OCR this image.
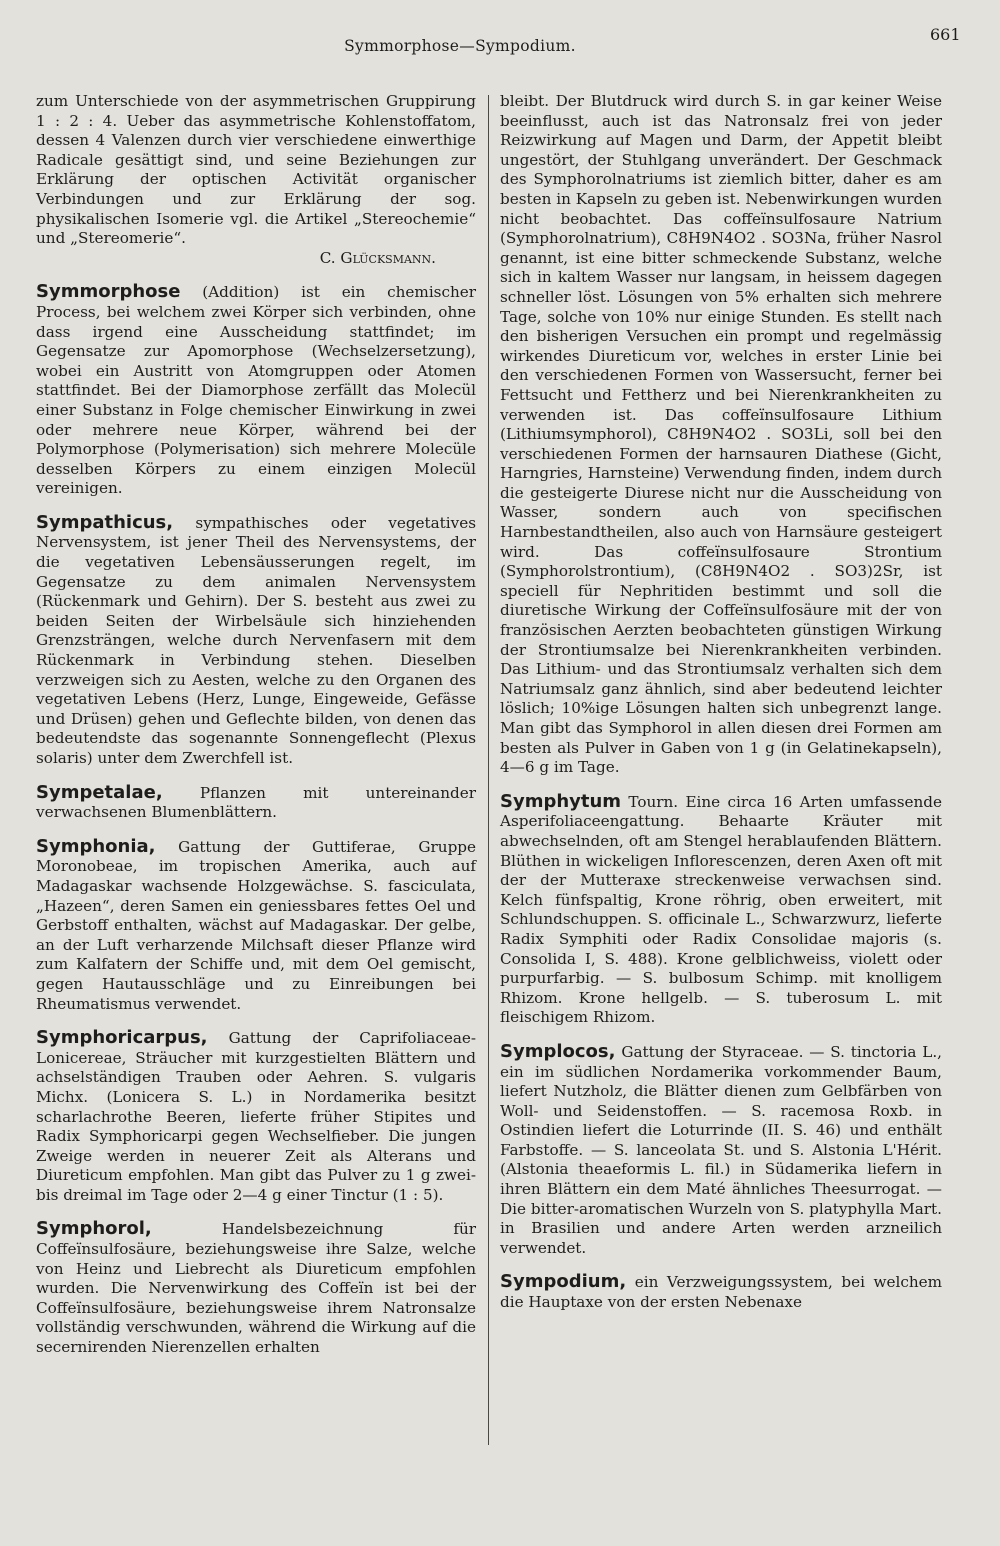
Symmorphose—Sympodium.
661

zum Unterschiede von der asymmetrischen Gruppirung 1 : 2 : 4. Ueber das asymmetrische Kohlenstoffatom, dessen 4 Valenzen durch vier verschiedene einwerthige Radicale gesättigt sind, und seine Beziehungen zur Erklärung der optischen Activität organischer Verbindungen und zur Erklärung der sog. physikalischen Isomerie vgl. die Artikel „Stereochemie“ und „Stereomerie“.

C. Glücksmann.

Symmorphose (Addition) ist ein chemischer Process, bei welchem zwei Körper sich verbinden, ohne dass irgend eine Ausscheidung stattfindet; im Gegensatze zur Apomorphose (Wechselzersetzung), wobei ein Austritt von Atomgruppen oder Atomen stattfindet. Bei der Diamorphose zerfällt das Molecül einer Substanz in Folge chemischer Einwirkung in zwei oder mehrere neue Körper, während bei der Polymorphose (Polymerisation) sich mehrere Molecüle desselben Körpers zu einem einzigen Molecül vereinigen.

Sympathicus, sympathisches oder vegetatives Nervensystem, ist jener Theil des Nervensystems, der die vegetativen Lebensäusserungen regelt, im Gegensatze zu dem animalen Nervensystem (Rückenmark und Gehirn). Der S. besteht aus zwei zu beiden Seiten der Wirbelsäule sich hinziehenden Grenzsträngen, welche durch Nervenfasern mit dem Rückenmark in Verbindung stehen. Dieselben verzweigen sich zu Aesten, welche zu den Organen des vegetativen Lebens (Herz, Lunge, Eingeweide, Gefässe und Drüsen) gehen und Geflechte bilden, von denen das bedeutendste das sogenannte Sonnengeflecht (Plexus solaris) unter dem Zwerchfell ist.

Sympetalae, Pflanzen mit untereinander verwachsenen Blumenblättern.

Symphonia, Gattung der Guttiferae, Gruppe Moronobeae, im tropischen Amerika, auch auf Madagaskar wachsende Holzgewächse. S. fasciculata, „Hazeen“, deren Samen ein geniessbares fettes Oel und Gerbstoff enthalten, wächst auf Madagaskar. Der gelbe, an der Luft verharzende Milchsaft dieser Pflanze wird zum Kalfatern der Schiffe und, mit dem Oel gemischt, gegen Hautausschläge und zu Einreibungen bei Rheumatismus verwendet.

Symphoricarpus, Gattung der Caprifoliaceae-Lonicereae, Sträucher mit kurzgestielten Blättern und achselständigen Trauben oder Aehren. S. vulgaris Michx. (Lonicera S. L.) in Nordamerika besitzt scharlachrothe Beeren, lieferte früher Stipites und Radix Symphoricarpi gegen Wechselfieber. Die jungen Zweige werden in neuerer Zeit als Alterans und Diureticum empfohlen. Man gibt das Pulver zu 1 g zwei- bis dreimal im Tage oder 2—4 g einer Tinctur (1 : 5).

Symphorol,	Handelsbezeichnung für Coffeïnsulfosäure, beziehungsweise ihre Salze, welche von Heinz und Liebrecht als Diureticum empfohlen wurden. Die Nervenwirkung des Coffeïn ist bei der Coffeïnsulfosäure, beziehungsweise ihrem Natronsalze vollständig verschwunden, während die Wirkung auf die secernirenden Nierenzellen erhalten

bleibt. Der Blutdruck wird durch S. in gar keiner Weise beeinflusst, auch ist das Natronsalz frei von jeder Reizwirkung auf Magen und Darm, der Appetit bleibt ungestört, der Stuhlgang unverändert. Der Geschmack des Symphorolnatriums ist ziemlich bitter, daher es am besten in Kapseln zu geben ist. Nebenwirkungen wurden nicht beobachtet. Das coffeïnsulfosaure Natrium (Symphorolnatrium), C8H9N4O2 . SO3Na, früher Nasrol genannt, ist eine bitter schmeckende Substanz, welche sich in kaltem Wasser nur langsam, in heissem dagegen schneller löst. Lösungen von 5% erhalten sich mehrere Tage, solche von 10% nur einige Stunden. Es stellt nach den bisherigen Versuchen ein prompt und regelmässig wirkendes Diureticum vor, welches in erster Linie bei den verschiedenen Formen von Wassersucht, ferner bei Fettsucht und Fettherz und bei Nierenkrankheiten zu verwenden ist. Das coffeïnsulfosaure Lithium (Lithiumsymphorol), C8H9N4O2 . SO3Li, soll bei den verschiedenen Formen der harnsauren Diathese (Gicht, Harngries, Harnsteine) Verwendung finden, indem durch die gesteigerte Diurese nicht nur die Ausscheidung von Wasser, sondern auch von specifischen Harnbestandtheilen, also auch von Harnsäure gesteigert wird. Das coffeïnsulfosaure Strontium (Symphorolstrontium), (C8H9N4O2 . SO3)2Sr, ist speciell für Nephritiden bestimmt und soll die diuretische Wirkung der Coffeïnsulfosäure mit der von französischen Aerzten beobachteten günstigen Wirkung der Strontiumsalze bei Nierenkrankheiten verbinden. Das Lithium- und das Strontiumsalz verhalten sich dem Natriumsalz ganz ähnlich, sind aber bedeutend leichter löslich; 10%ige Lösungen halten sich unbegrenzt lange. Man gibt das Symphorol in allen diesen drei Formen am besten als Pulver in Gaben von 1 g (in Gelatinekapseln), 4—6 g im Tage.

Symphytum Tourn. Eine circa 16 Arten umfassende Asperifoliaceengattung. Behaarte Kräuter mit abwechselnden, oft am Stengel herablaufenden Blättern. Blüthen in wickeligen Inflorescenzen, deren Axen oft mit der der Mutteraxe streckenweise verwachsen sind. Kelch fünfspaltig, Krone röhrig, oben erweitert, mit Schlundschuppen. S. officinale L., Schwarzwurz, lieferte Radix Symphiti oder Radix Consolidae majoris (s. Consolida I, S. 488). Krone gelblichweiss, violett oder purpurfarbig. — S. bulbosum Schimp. mit knolligem Rhizom. Krone hellgelb. — S. tuberosum L. mit fleischigem Rhizom.

Symplocos, Gattung der Styraceae. — S. tinctoria L., ein im südlichen Nordamerika vorkommender Baum, liefert Nutzholz, die Blätter dienen zum Gelbfärben von Woll- und Seidenstoffen. — S. racemosa Roxb. in Ostindien liefert die Loturrinde (II. S. 46) und enthält Farbstoffe. — S. lanceolata St. und S. Alstonia L'Hérit. (Alstonia theaeformis L. fil.) in Südamerika liefern in ihren Blättern ein dem Maté ähnliches Theesurrogat. — Die bitter-aromatischen Wurzeln von S. platyphylla Mart. in Brasilien und andere Arten werden arzneilich verwendet.

Sympodium, ein Verzweigungssystem, bei welchem die Hauptaxe von der ersten Nebenaxe
